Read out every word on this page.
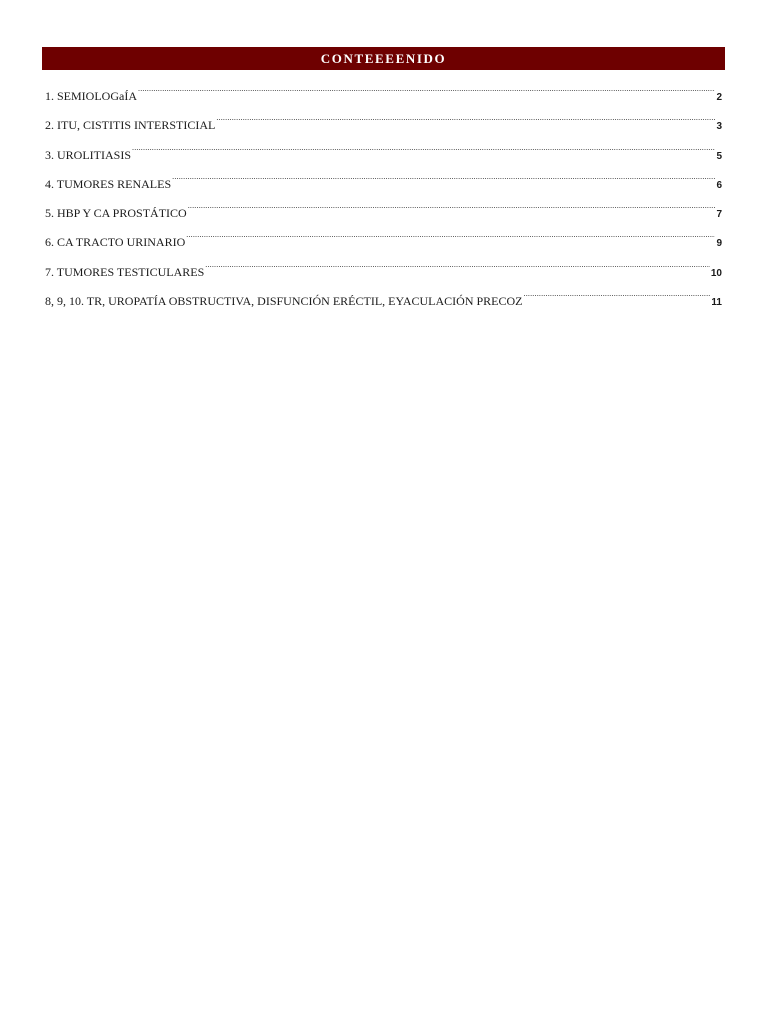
CONTEEEENIDO
1. SEMIOLOGaÍA .....	2
2. ITU, CISTITIS INTERSTICIAL .....	3
3. UROLITIASIS .....	5
4. TUMORES RENALES .....	6
5. HBP Y CA PROSTÁTICO .....	7
6. CA TRACTO URINARIO .....	9
7. TUMORES TESTICULARES .....	10
8, 9, 10. TR, UROPATÍA OBSTRUCTIVA, DISFUNCIÓN ERÉCTIL, EYACULACIÓN PRECOZ .....	11
